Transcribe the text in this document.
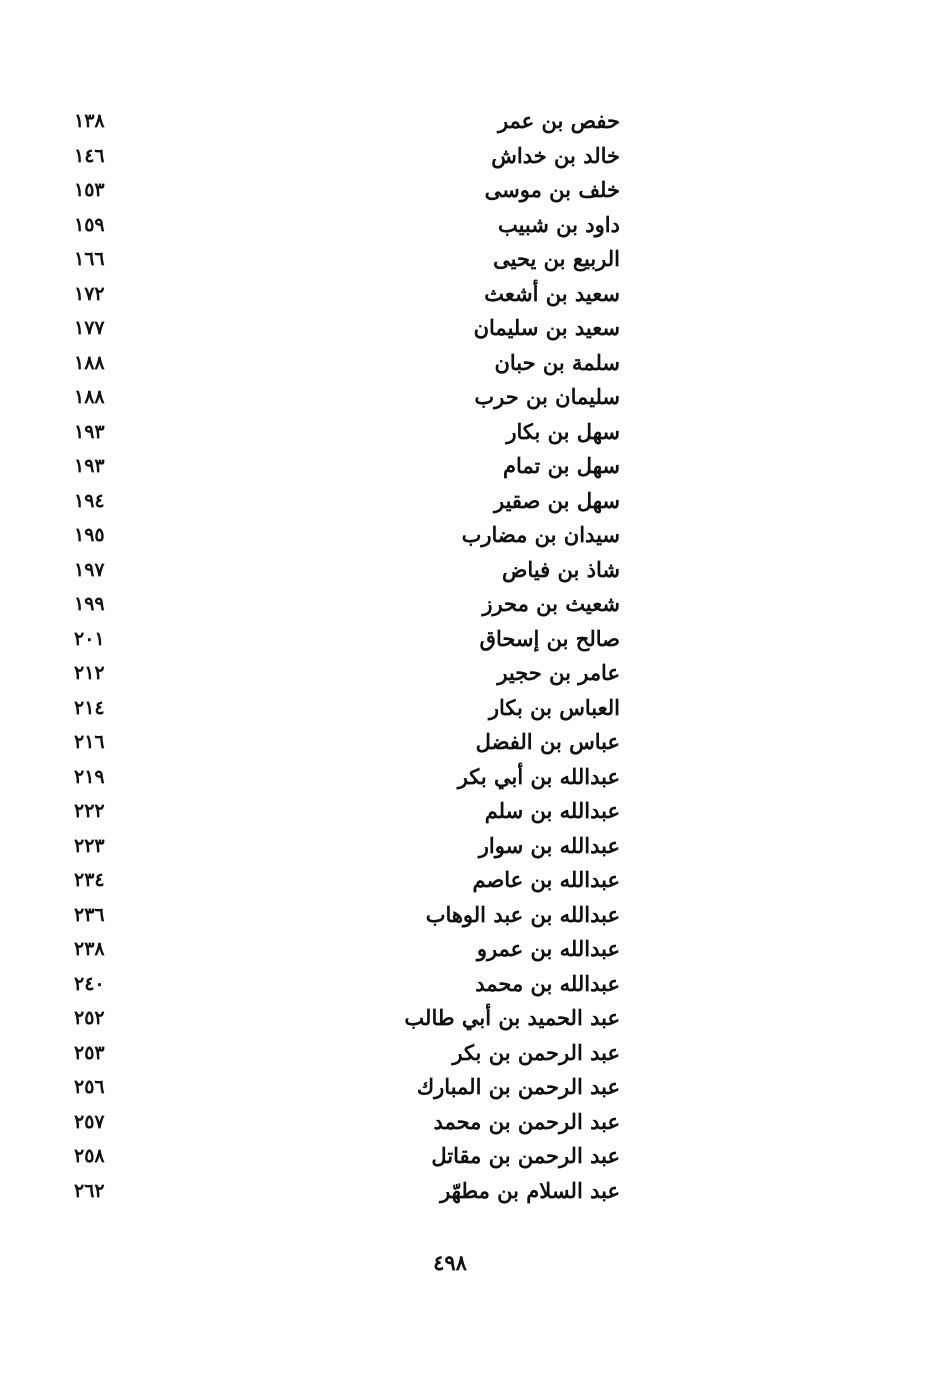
حفص بن عمر
١٣٨
خالد بن خداش
١٤٦
خلف بن موسى
١٥٣
داود بن شبيب
١٥٩
الربيع بن يحيى
١٦٦
سعيد بن أشعث
١٧٢
سعيد بن سليمان
١٧٧
سلمة بن حبان
١٨٨
سليمان بن حرب
١٨٨
سهل بن بكار
١٩٣
سهل بن تمام
١٩٣
سهل بن صقير
١٩٤
سيدان بن مضارب
١٩٥
شاذ بن فياض
١٩٧
شعيث بن محرز
١٩٩
صالح بن إسحاق
٢٠١
عامر بن حجير
٢١٢
العباس بن بكار
٢١٤
عباس بن الفضل
٢١٦
عبدالله بن أبي بكر
٢١٩
عبدالله بن سلم
٢٢٢
عبدالله بن سوار
٢٢٣
عبدالله بن عاصم
٢٣٤
عبدالله بن عبد الوهاب
٢٣٦
عبدالله بن عمرو
٢٣٨
عبدالله بن محمد
٢٤٠
عبد الحميد بن أبي طالب
٢٥٢
عبد الرحمن بن بكر
٢٥٣
عبد الرحمن بن المبارك
٢٥٦
عبد الرحمن بن محمد
٢٥٧
عبد الرحمن بن مقاتل
٢٥٨
عبد السلام بن مطهّر
٢٦٢
٤٩٨
